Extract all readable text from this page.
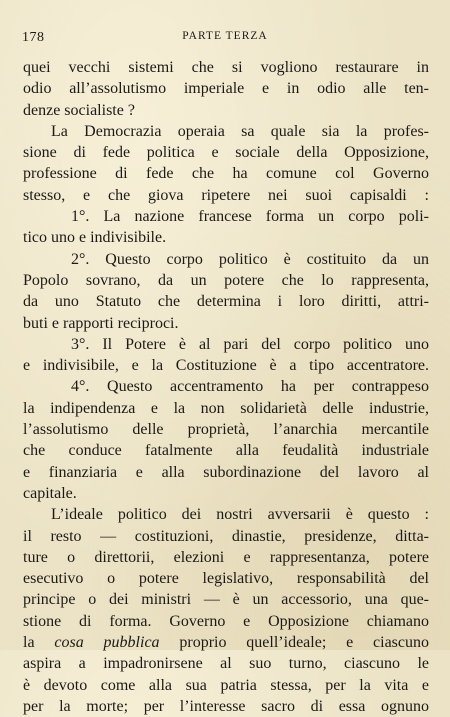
178	PARTE TERZA
quei vecchi sistemi che si vogliono restaurare in
odio all’assolutismo imperiale e in odio alle ten-
denze socialiste ?
La Democrazia operaia sa quale sia la profes-
sione di fede politica e sociale della Opposizione,
professione di fede che ha comune col Governo
stesso, e che giova ripetere nei suoi capisaldi :
1°. La nazione francese forma un corpo poli-
tico uno e indivisibile.
2°. Questo corpo politico è costituito da un
Popolo sovrano, da un potere che lo rappresenta,
da uno Statuto che determina i loro diritti, attri-
buti e rapporti reciproci.
3°. Il Potere è al pari del corpo politico uno
e indivisibile, e la Costituzione è a tipo accentratore.
4°. Questo accentramento ha per contrappeso
la indipendenza e la non solidarietà delle industrie,
l’assolutismo delle proprietà, l’anarchia mercantile
che conduce fatalmente alla feudalità industriale
e finanziaria e alla subordinazione del lavoro al
capitale.
L’ideale politico dei nostri avversarii è questo :
il resto — costituzioni, dinastie, presidenze, ditta-
ture o direttorii, elezioni e rappresentanza, potere
esecutivo o potere legislativo, responsabilità del
principe o dei ministri — è un accessorio, una que-
stione di forma. Governo e Opposizione chiamano
la cosa pubblica proprio quell’ideale; e ciascuno
aspira a impadronirsene al suo turno, ciascuno le
è devoto come alla sua patria stessa, per la vita e
per la morte; per l’interesse sacro di essa ognuno
